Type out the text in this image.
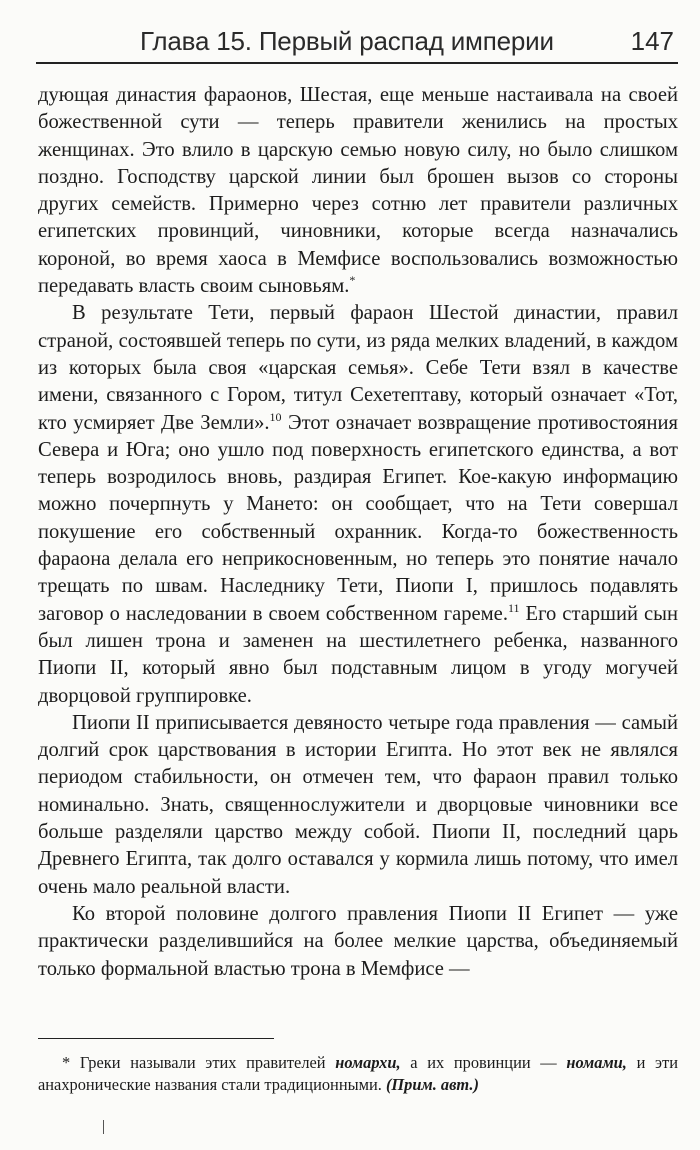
Глава 15. Первый распад империи	147

дующая династия фараонов, Шестая, еще меньше настаивала на своей божественной сути — теперь правители женились на простых женщинах. Это влило в царскую семью новую силу, но было слишком поздно. Господству царской линии был брошен вызов со стороны других семейств. Примерно через сотню лет правители различных египетских провинций, чиновники, которые всегда назначались короной, во время хаоса в Мемфисе воспользовались возможностью передавать власть своим сыновьям.*

В результате Тети, первый фараон Шестой династии, правил страной, состоявшей теперь по сути, из ряда мелких владений, в каждом из которых была своя «царская семья». Себе Тети взял в качестве имени, связанного с Гором, титул Сехетептаву, который означает «Тот, кто усмиряет Две Земли».$^{10}$ Этот означает возвращение противостояния Севера и Юга; оно ушло под поверхность египетского единства, а вот теперь возродилось вновь, раздирая Египет. Кое-какую информацию можно почерпнуть у Мането: он сообщает, что на Тети совершал покушение его собственный охранник. Когда-то божественность фараона делала его неприкосновенным, но теперь это понятие начало трещать по швам. Наследнику Тети, Пиопи I, пришлось подавлять заговор о наследовании в своем собственном гареме.$^{11}$ Его старший сын был лишен трона и заменен на шестилетнего ребенка, названного Пиопи II, который явно был подставным лицом в угоду могучей дворцовой группировке.

Пиопи II приписывается девяносто четыре года правления — самый долгий срок царствования в истории Египта. Но этот век не являлся периодом стабильности, он отмечен тем, что фараон правил только номинально. Знать, священнослужители и дворцовые чиновники все больше разделяли царство между собой. Пиопи II, последний царь Древнего Египта, так долго оставался у кормила лишь потому, что имел очень мало реальной власти.

Ко второй половине долгого правления Пиопи II Египет — уже практически разделившийся на более мелкие царства, объединяемый только формальной властью трона в Мемфисе —

* Греки называли этих правителей номархи, а их провинции — номами, и эти анахронические названия стали традиционными. (Прим. авт.)
